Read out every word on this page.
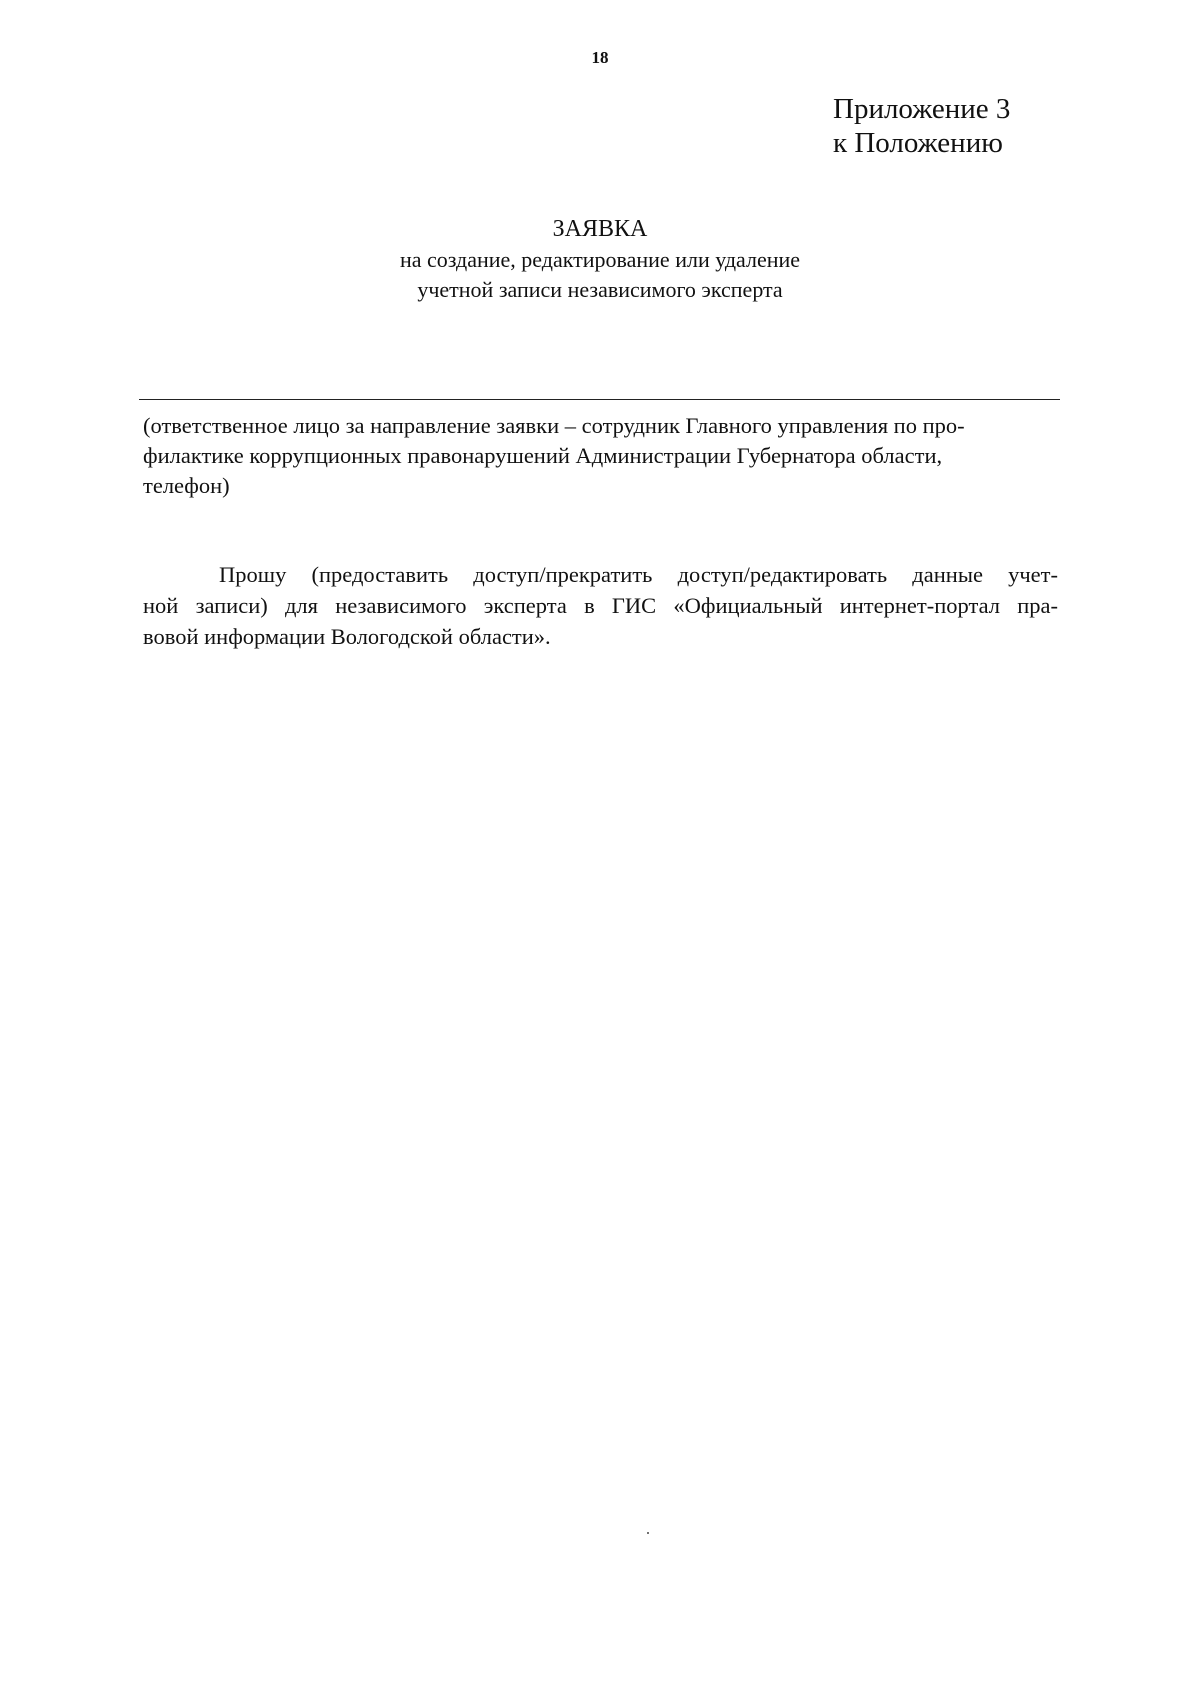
18
Приложение 3
к Положению
ЗАЯВКА
на создание, редактирование или удаление
учетной записи независимого эксперта
(ответственное лицо за направление заявки – сотрудник Главного управления по про-
филактике коррупционных правонарушений Администрации Губернатора области,
телефон)
Прошу (предоставить доступ/прекратить доступ/редактировать данные учет-
ной записи) для независимого эксперта в ГИС «Официальный интернет-портал пра-
вовой информации Вологодской области».
